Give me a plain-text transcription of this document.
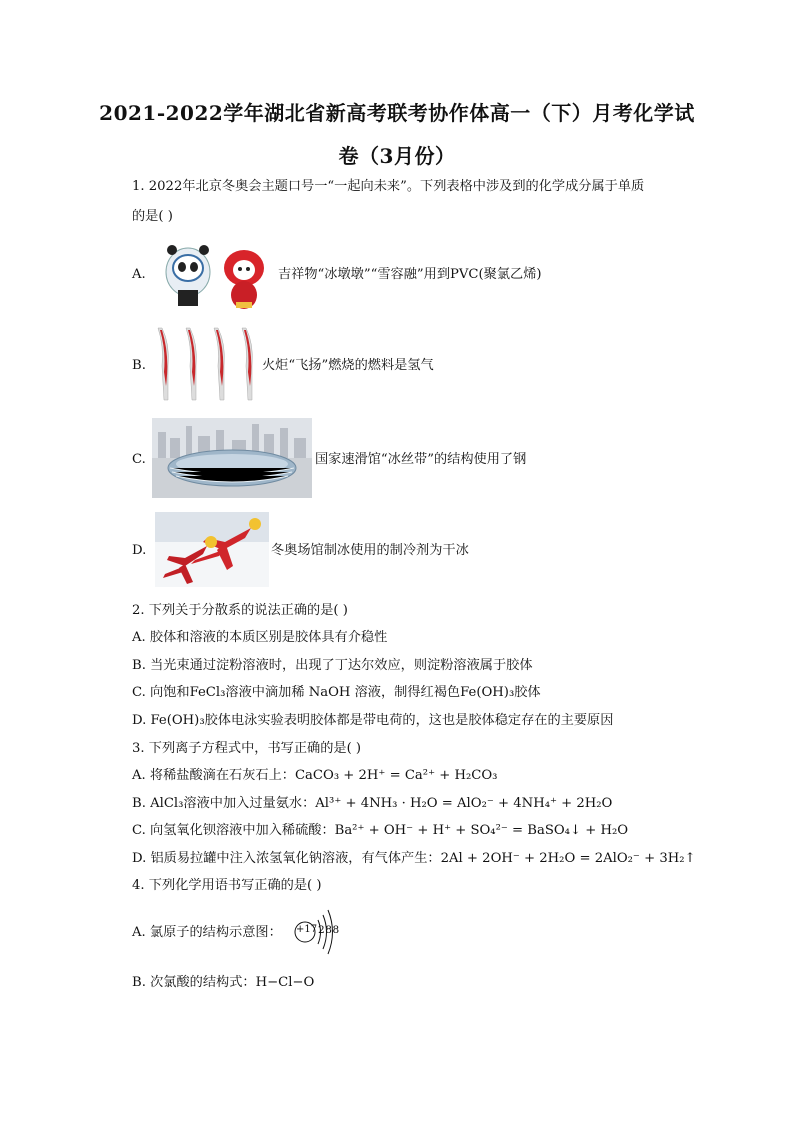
2021-2022学年湖北省新高考联考协作体高一（下）月考化学试
卷（3月份）
1. 2022年北京冬奥会主题口号一“一起向未来”。下列表格中涉及到的化学成分属于单质
的是( )
A.	吉祥物“冰墩墩”“雪容融”用到PVC(聚氯乙烯)
B.	火炬“飞扬”燃烧的燃料是氢气
C.	国家速滑馆“冰丝带”的结构使用了钢
D.	冬奥场馆制冰使用的制冷剂为干冰
2. 下列关于分散系的说法正确的是( )
A. 胶体和溶液的本质区别是胶体具有介稳性
B. 当光束通过淀粉溶液时，出现了丁达尔效应，则淀粉溶液属于胶体
C. 向饱和FeCl₃溶液中滴加稀 NaOH 溶液，制得红褐色Fe(OH)₃胶体
D. Fe(OH)₃胶体电泳实验表明胶体都是带电荷的，这也是胶体稳定存在的主要原因
3. 下列离子方程式中，书写正确的是( )
A. 将稀盐酸滴在石灰石上：CaCO₃ + 2H⁺ = Ca²⁺ + H₂CO₃
B. AlCl₃溶液中加入过量氨水：Al³⁺ + 4NH₃ · H₂O = AlO₂⁻ + 4NH₄⁺ + 2H₂O
C. 向氢氧化钡溶液中加入稀硫酸：Ba²⁺ + OH⁻ + H⁺ + SO₄²⁻ = BaSO₄↓ + H₂O
D. 铝质易拉罐中注入浓氢氧化钠溶液，有气体产生：2Al + 2OH⁻ + 2H₂O = 2AlO₂⁻ + 3H₂↑
4. 下列化学用语书写正确的是( )
A. 氯原子的结构示意图： +17 288
B. 次氯酸的结构式：H−Cl−O
